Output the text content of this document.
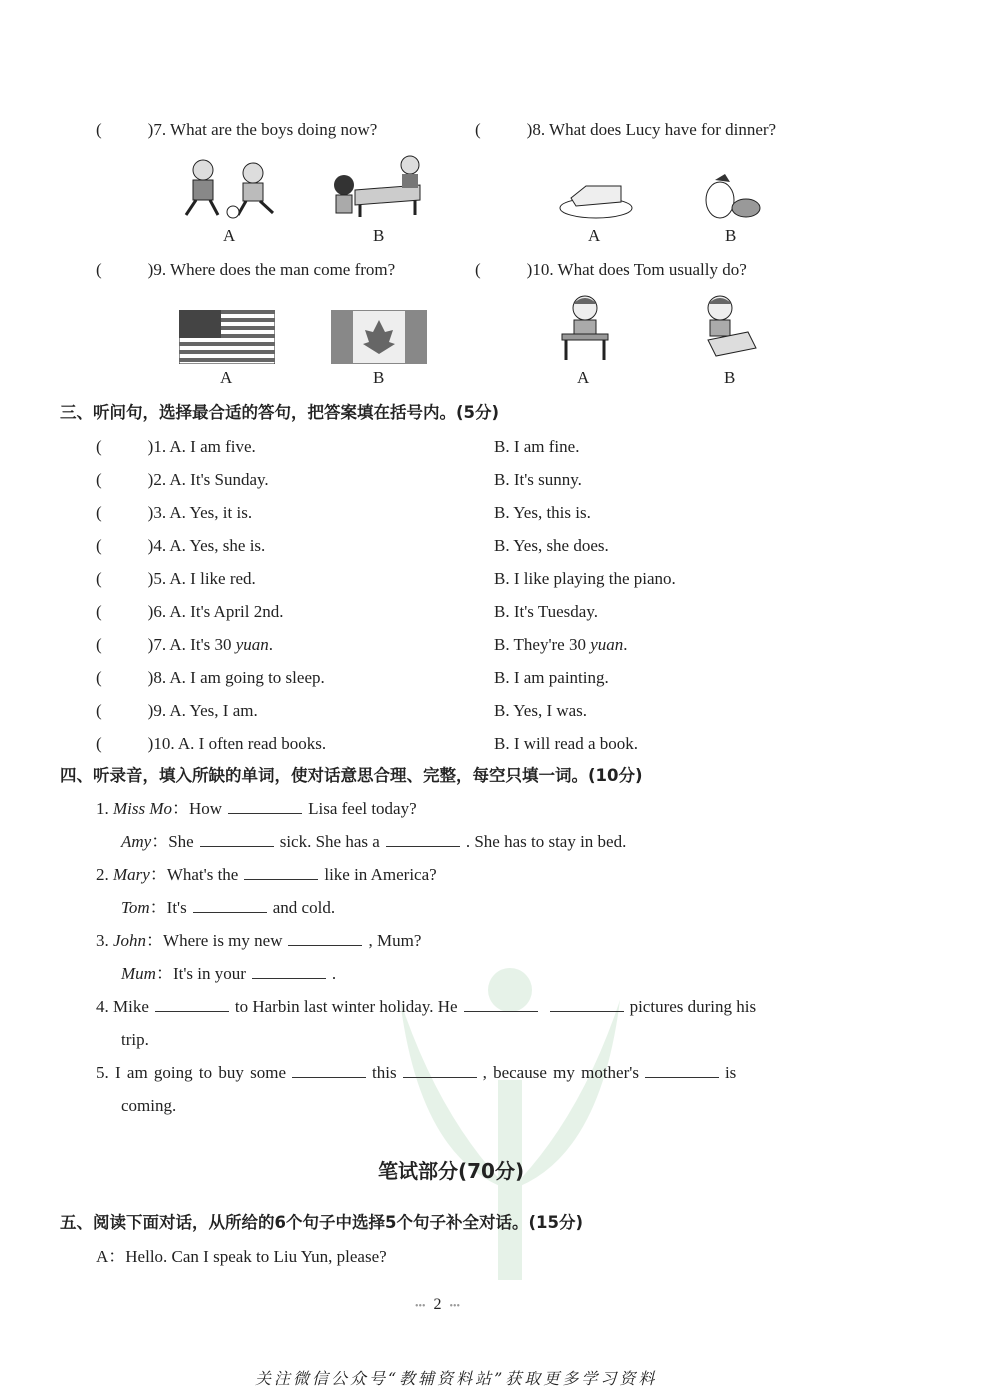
(	)7. What are the boys doing now?	(	)8. What does Lucy have for dinner?
A	B	A	B
(	)9. Where does the man come from?	(	)10. What does Tom usually do?
A	B	A	B
三、听问句，选择最合适的答句，把答案填在括号内。(5分)
(	)1. A. I am five.	B. I am fine.
(	)2. A. It's Sunday.	B. It's sunny.
(	)3. A. Yes, it is.	B. Yes, this is.
(	)4. A. Yes, she is.	B. Yes, she does.
(	)5. A. I like red.	B. I like playing the piano.
(	)6. A. It's April 2nd.	B. It's Tuesday.
(	)7. A. It's 30 yuan.	B. They're 30 yuan.
(	)8. A. I am going to sleep.	B. I am painting.
(	)9. A. Yes, I am.	B. Yes, I was.
(	)10. A. I often read books.	B. I will read a book.
四、听录音，填入所缺的单词，使对话意思合理、完整，每空只填一词。(10分)
1. Miss Mo：How	Lisa feel today?
Amy：She	sick. She has a	. She has to stay in bed.
2. Mary：What's the	like in America?
Tom：It's	and cold.
3. John：Where is my new	, Mum?
Mum：It's in your	.
4. Mike	to Harbin last winter holiday. He	pictures during his
trip.
5. I am going to buy some	this	, because my mother's	is
coming.
笔试部分(70分)
五、阅读下面对话，从所给的6个句子中选择5个句子补全对话。(15分)
A：Hello. Can I speak to Liu Yun, please?
••• 2 •••
关注微信公众号“教辅资料站”获取更多学习资料
